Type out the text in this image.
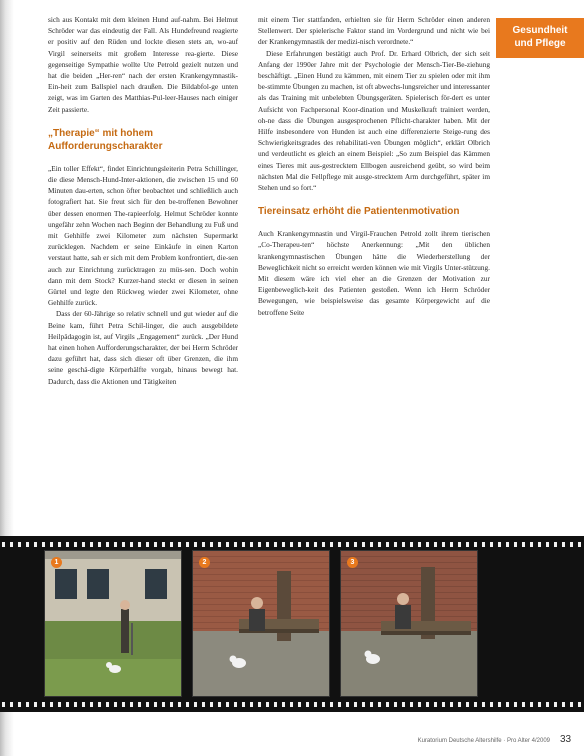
Gesundheit
und Pflege

sich aus Kontakt mit dem kleinen Hund auf-nahm. Bei Helmut Schröder war das eindeutig der Fall. Als Hundefreund reagierte er positiv auf den Rüden und lockte diesen stets an, wo-auf Virgil seinerseits mit großem Interesse rea-gierte. Diese gegenseitige Sympathie wollte Ute Petrold gezielt nutzen und hat die beiden „Her-ren“ nach der ersten Krankengymnastik-Ein-heit zum Ballspiel nach draußen. Die Bildabfol-ge unten zeigt, was im Garten des Matthias-Pul-leer-Hauses nach einiger Zeit passierte.

„Therapie“ mit hohem Aufforderungscharakter

„Ein toller Effekt“, findet Einrichtungsleiterin Petra Schillinger, die diese Mensch-Hund-Inter-aktionen, die zwischen 15 und 60 Minuten dau-erten, schon öfter beobachtet und schließlich auch fotografiert hat. Sie freut sich für den be-troffenen Bewohner über dessen enormen The-rapieerfolg. Helmut Schröder konnte ungefähr zehn Wochen nach Beginn der Behandlung zu Fuß und mit Gehhilfe zwei Kilometer zum nächsten Supermarkt zurücklegen. Nachdem er seine Einkäufe in einen Karton verstaut hatte, sah er sich mit dem Problem konfrontiert, die-sen auch zur Einrichtung zurücktragen zu müs-sen. Doch wohin dann mit dem Stock? Kurzer-hand steckt er diesen in seinen Gürtel und legte den Rückweg wieder zwei Kilometer, ohne Gehhilfe zurück.

Dass der 60-Jährige so relativ schnell und gut wieder auf die Beine kam, führt Petra Schil-linger, die auch ausgebildete Heilpädagogin ist, auf Virgils „Engagement“ zurück. „Der Hund hat einen hohen Aufforderungscharakter, der bei Herrn Schröder dazu geführt hat, dass sich dieser oft über Grenzen, die ihm seine geschä-digte Körperhälfte vorgab, hinaus bewegt hat. Dadurch, dass die Aktionen und Tätigkeiten

mit einem Tier stattfanden, erhielten sie für Herrn Schröder einen anderen Stellenwert. Der spielerische Faktor stand im Vordergrund und nicht wie bei der Krankengymnastik der medizi-nisch verordnete.“

Diese Erfahrungen bestätigt auch Prof. Dr. Erhard Olbrich, der sich seit Anfang der 1990er Jahre mit der Psychologie der Mensch-Tier-Be-ziehung beschäftigt. „Einen Hund zu kämmen, mit einem Tier zu spielen oder mit ihm be-stimmte Übungen zu machen, ist oft abwechs-lungsreicher und interessanter als das Training mit unbelebten Übungsgeräten. Spielerisch för-dert es unter Aufsicht von Fachpersonal Koor-dination und Muskelkraft trainiert werden, oh-ne dass die Übungen ausgesprochenen Pflicht-charakter haben. Mit der Hilfe insbesondere von Hunden ist auch eine differenzierte Steige-rung des Schwierigkeitsgrades des rehabilitati-ven Übungen möglich“, erklärt Olbrich und verdeutlicht es gleich an einem Beispiel: „So zum Beispiel das Kämmen eines Tieres mit aus-gestrecktem Ellbogen ausreichend geübt, so wird beim nächsten Mal die Fellpflege mit ausge-strecktem Arm durchgeführt, später im Stehen und so fort.“

Tiereinsatz erhöht die Patientenmotivation

Auch Krankengymnastin und Virgil-Frauchen Petrold zollt ihrem tierischen „Co-Therapeu-ten“ höchste Anerkennung: „Mit den üblichen krankengymnastischen Übungen hätte die Wiederherstellung der Beweglichkeit nicht so erreicht werden können wie mit Virgils Unter-stützung. Mit diesem wäre ich viel eher an die Grenzen der Motivation zur Eigenbeweglich-keit des Patienten gestoßen. Wenn ich Herrn Schröder Bewegungen, wie beispielsweise das gesamte Körpergewicht auf die betroffene Seite

1	2	3
Kuratorium Deutsche Altershilfe · Pro Alter 4/2009 33
